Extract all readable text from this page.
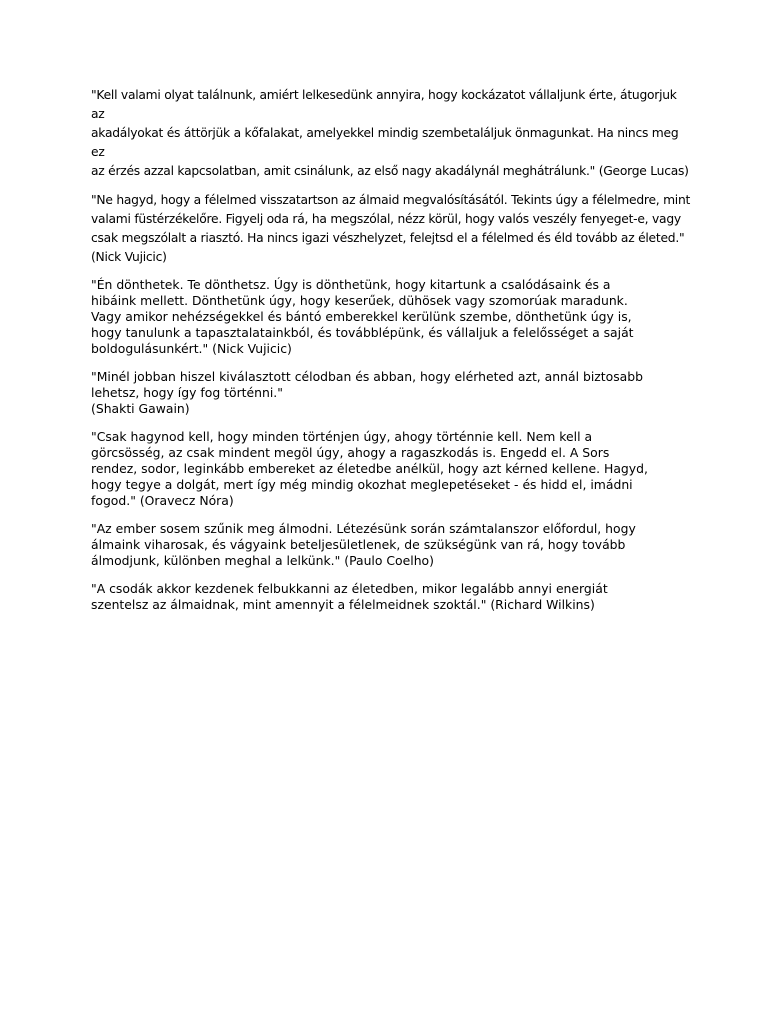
"Kell valami olyat találnunk, amiért lelkesedünk annyira, hogy kockázatot vállaljunk érte, átugorjuk az
akadályokat és áttörjük a kőfalakat, amelyekkel mindig szembetaláljuk önmagunkat. Ha nincs meg ez
az érzés azzal kapcsolatban, amit csinálunk, az első nagy akadálynál meghátrálunk." (George Lucas)

"Ne hagyd, hogy a félelmed visszatartson az álmaid megvalósításától. Tekints úgy a félelmedre, mint
valami füstérzékelőre. Figyelj oda rá, ha megszólal, nézz körül, hogy valós veszély fenyeget-e, vagy
csak megszólalt a riasztó. Ha nincs igazi vészhelyzet, felejtsd el a félelmed és éld tovább az életed."
(Nick Vujicic)

"Én dönthetek. Te dönthetsz. Úgy is dönthetünk, hogy kitartunk a csalódásaink és a
hibáink mellett. Dönthetünk úgy, hogy keserűek, dühösek vagy szomorúak maradunk.
Vagy amikor nehézségekkel és bántó emberekkel kerülünk szembe, dönthetünk úgy is,
hogy tanulunk a tapasztalatainkból, és továbblépünk, és vállaljuk a felelősséget a saját
boldogulásunkért." (Nick Vujicic)

"Minél jobban hiszel kiválasztott célodban és abban, hogy elérheted azt, annál biztosabb
lehetsz, hogy így fog történni."
(Shakti Gawain)

"Csak hagynod kell, hogy minden történjen úgy, ahogy történnie kell. Nem kell a
görcsösség, az csak mindent megöl úgy, ahogy a ragaszkodás is. Engedd el. A Sors
rendez, sodor, leginkább embereket az életedbe anélkül, hogy azt kérned kellene. Hagyd,
hogy tegye a dolgát, mert így még mindig okozhat meglepetéseket - és hidd el, imádni
fogod." (Oravecz Nóra)

"Az ember sosem szűnik meg álmodni. Létezésünk során számtalanszor előfordul, hogy
álmaink viharosak, és vágyaink beteljesületlenek, de szükségünk van rá, hogy tovább
álmodjunk, különben meghal a lelkünk." (Paulo Coelho)

"A csodák akkor kezdenek felbukkanni az életedben, mikor legalább annyi energiát
szentelsz az álmaidnak, mint amennyit a félelmeidnek szoktál." (Richard Wilkins)
